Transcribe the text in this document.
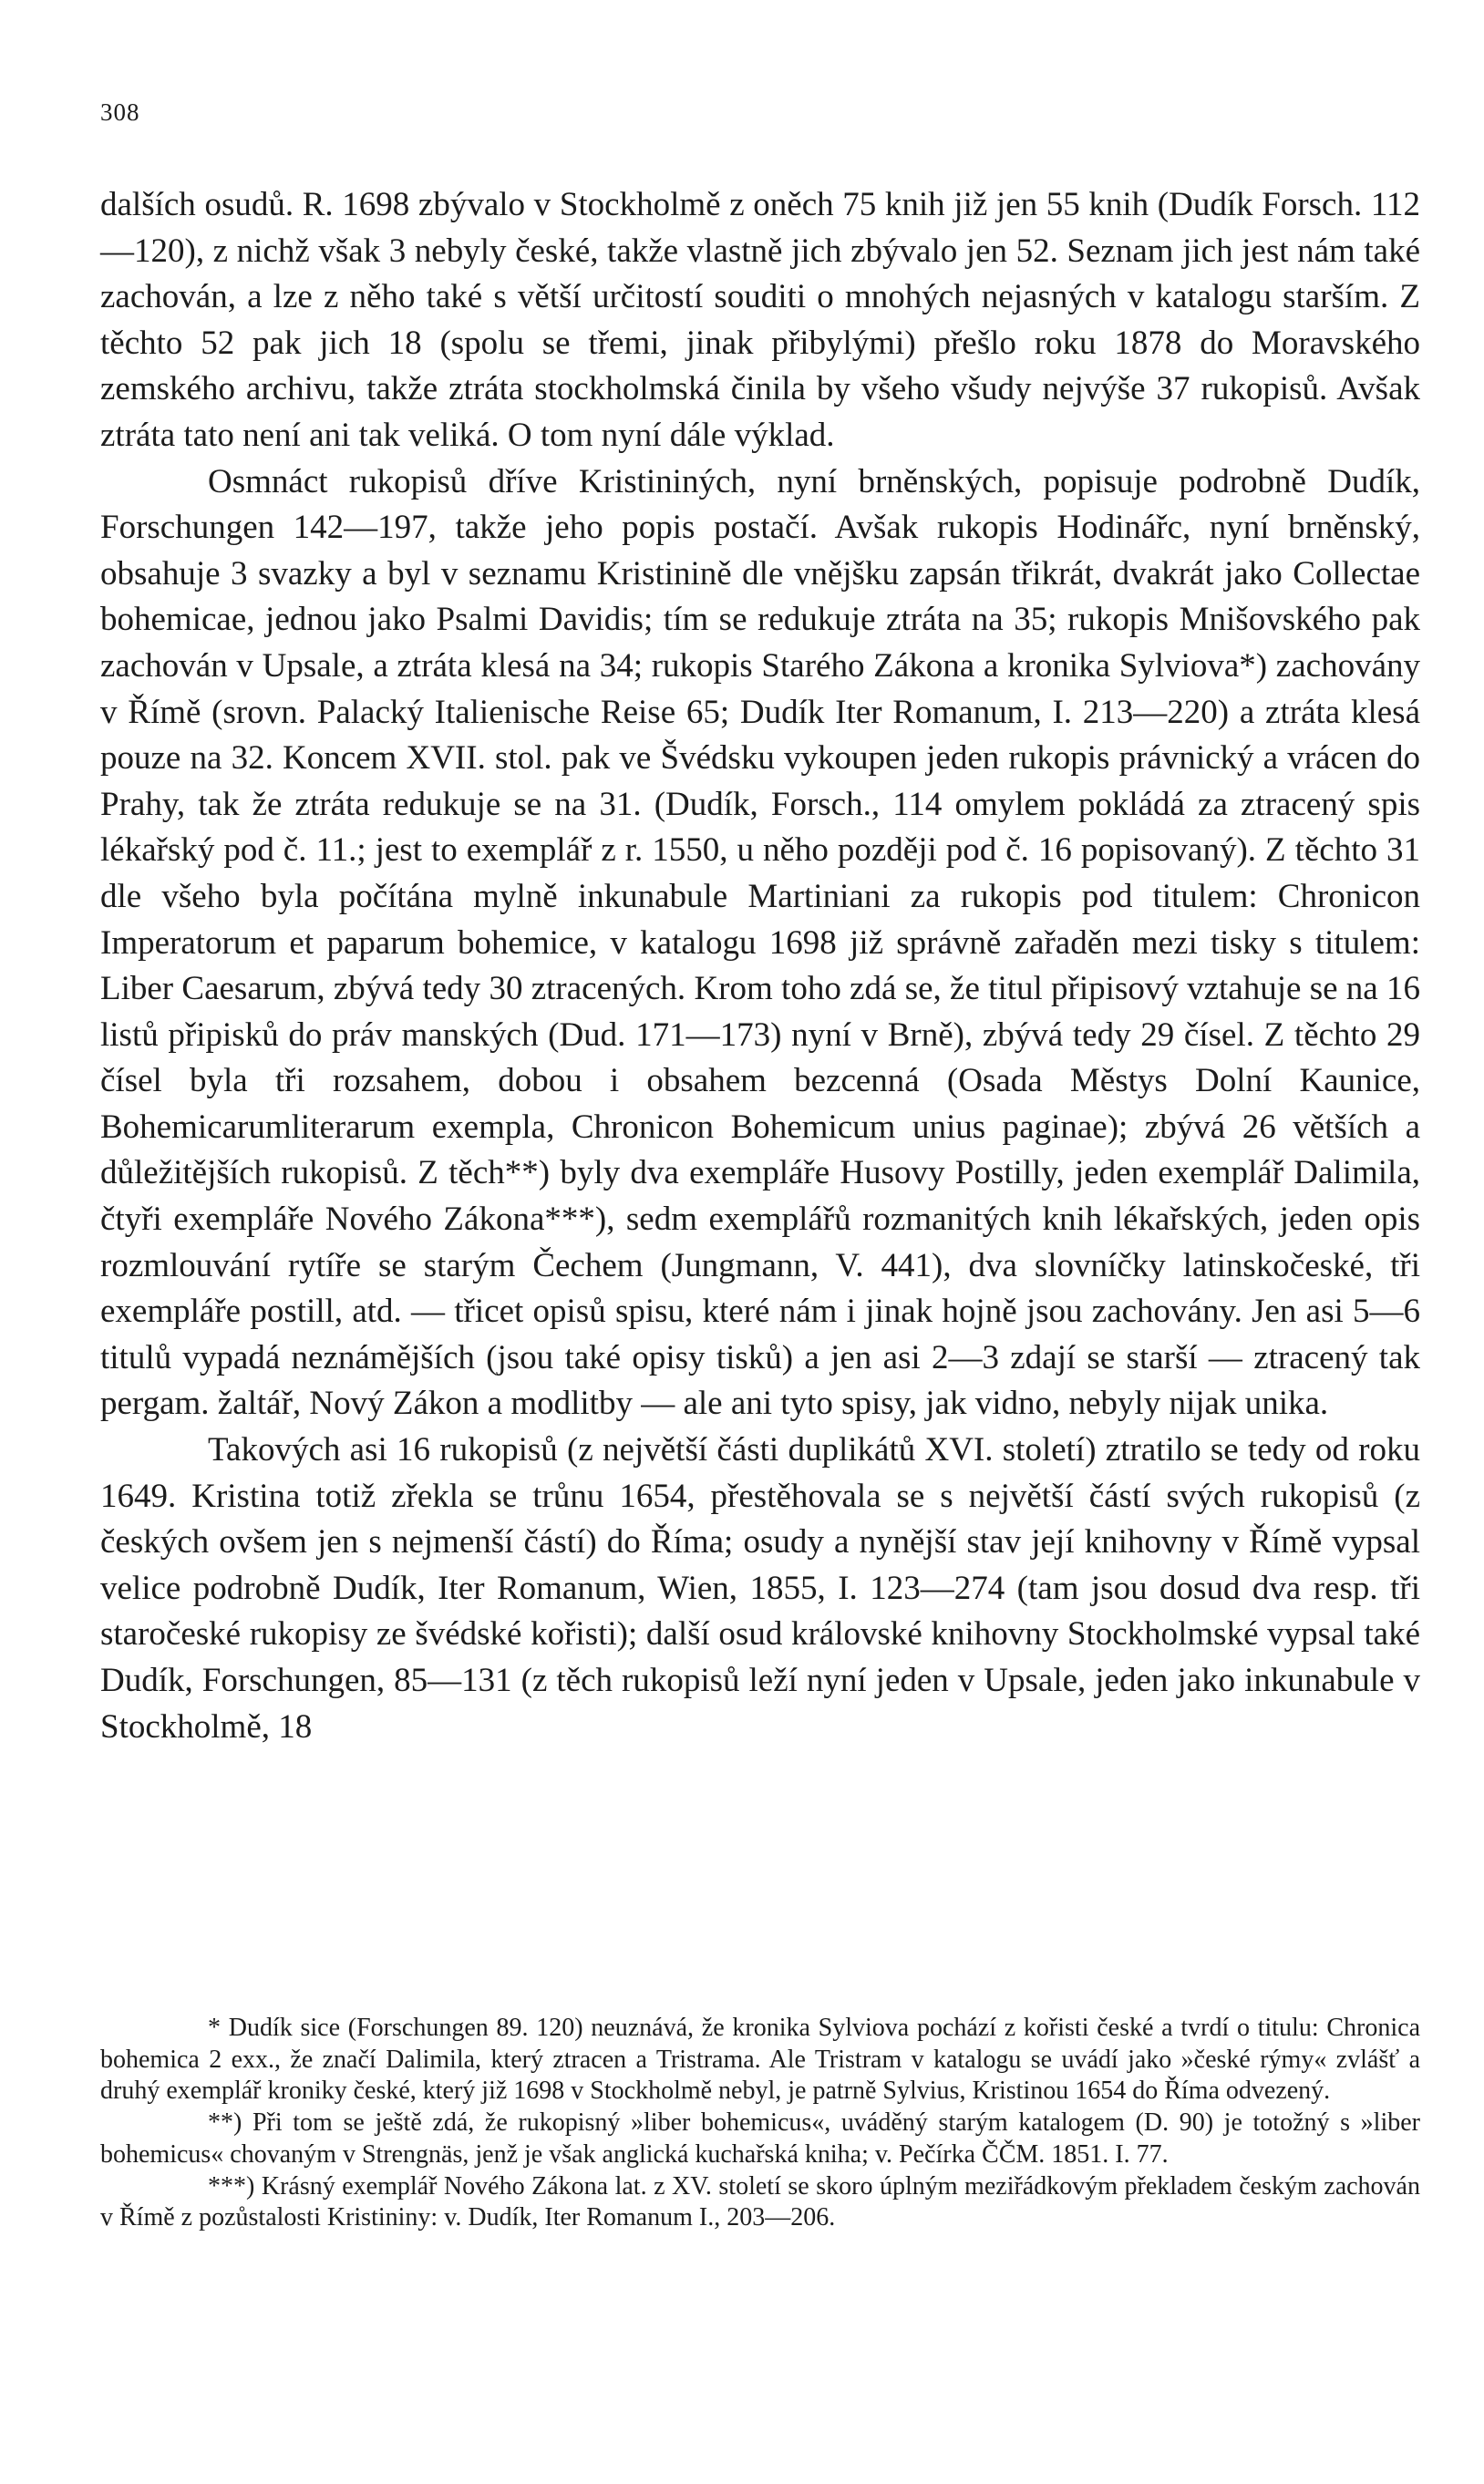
308

dalších osudů. R. 1698 zbývalo v Stockholmě z oněch 75 knih již jen 55 knih (Dudík Forsch. 112—120), z nichž však 3 nebyly české, takže vlastně jich zbývalo jen 52. Seznam jich jest nám také zachován, a lze z něho také s větší určitostí souditi o mnohých nejasných v katalogu starším. Z těchto 52 pak jich 18 (spolu se třemi, jinak přibylými) přešlo roku 1878 do Moravského zemského archivu, takže ztráta stockholmská činila by všeho všudy nejvýše 37 rukopisů. Avšak ztráta tato není ani tak veliká. O tom nyní dále výklad.

Osmnáct rukopisů dříve Kristininých, nyní brněnských, popisuje podrobně Dudík, Forschungen 142—197, takže jeho popis postačí. Avšak rukopis Hodinářc, nyní brněnský, obsahuje 3 svazky a byl v seznamu Kristinině dle vnějšku zapsán třikrát, dvakrát jako Collectae bohemicae, jednou jako Psalmi Davidis; tím se redukuje ztráta na 35; rukopis Mnišovského pak zachován v Upsale, a ztráta klesá na 34; rukopis Starého Zákona a kronika Sylviova*) zachovány v Římě (srovn. Palacký Italienische Reise 65; Dudík Iter Romanum, I. 213—220) a ztráta klesá pouze na 32. Koncem XVII. stol. pak ve Švédsku vykoupen jeden rukopis právnický a vrácen do Prahy, tak že ztráta redukuje se na 31. (Dudík, Forsch., 114 omylem pokládá za ztracený spis lékařský pod č. 11.; jest to exemplář z r. 1550, u něho později pod č. 16 popisovaný). Z těchto 31 dle všeho byla počítána mylně inkunabule Martiniani za rukopis pod titulem: Chronicon Imperatorum et paparum bohemice, v katalogu 1698 již správně zařaděn mezi tisky s titulem: Liber Caesarum, zbývá tedy 30 ztracených. Krom toho zdá se, že titul připisový vztahuje se na 16 listů připisků do práv manských (Dud. 171—173) nyní v Brně), zbývá tedy 29 čísel. Z těchto 29 čísel byla tři rozsahem, dobou i obsahem bezcenná (Osada Městys Dolní Kaunice, Bohemicarumliterarum exempla, Chronicon Bohemicum unius paginae); zbývá 26 větších a důležitějších rukopisů. Z těch**) byly dva exempláře Husovy Postilly, jeden exemplář Dalimila, čtyři exempláře Nového Zákona***), sedm exemplářů rozmanitých knih lékařských, jeden opis rozmlouvání rytíře se starým Čechem (Jungmann, V. 441), dva slovníčky latinskočeské, tři exempláře postill, atd. — třicet opisů spisu, které nám i jinak hojně jsou zachovány. Jen asi 5—6 titulů vypadá neznámějších (jsou také opisy tisků) a jen asi 2—3 zdají se starší — ztracený tak pergam. žaltář, Nový Zákon a modlitby — ale ani tyto spisy, jak vidno, nebyly nijak unika.

Takových asi 16 rukopisů (z největší části duplikátů XVI. století) ztratilo se tedy od roku 1649. Kristina totiž zřekla se trůnu 1654, přestěhovala se s největší částí svých rukopisů (z českých ovšem jen s nejmenší částí) do Říma; osudy a nynější stav její knihovny v Římě vypsal velice podrobně Dudík, Iter Romanum, Wien, 1855, I. 123—274 (tam jsou dosud dva resp. tři staročeské rukopisy ze švédské kořisti); další osud královské knihovny Stockholmské vypsal také Dudík, Forschungen, 85—131 (z těch rukopisů leží nyní jeden v Upsale, jeden jako inkunabule v Stockholmě, 18

* Dudík sice (Forschungen 89. 120) neuznává, že kronika Sylviova pochází z kořisti české a tvrdí o titulu: Chronica bohemica 2 exx., že značí Dalimila, který ztracen a Tristrama. Ale Tristram v katalogu se uvádí jako »české rýmy« zvlášť a druhý exemplář kroniky české, který již 1698 v Stockholmě nebyl, je patrně Sylvius, Kristinou 1654 do Říma odvezený.

**) Při tom se ještě zdá, že rukopisný »liber bohemicus«, uváděný starým katalogem (D. 90) je totožný s »liber bohemicus« chovaným v Strengnäs, jenž je však anglická kuchařská kniha; v. Pečírka ČČM. 1851. I. 77.

***) Krásný exemplář Nového Zákona lat. z XV. století se skoro úplným meziřádkovým překladem českým zachován v Římě z pozůstalosti Kristininy: v. Dudík, Iter Romanum I., 203—206.
